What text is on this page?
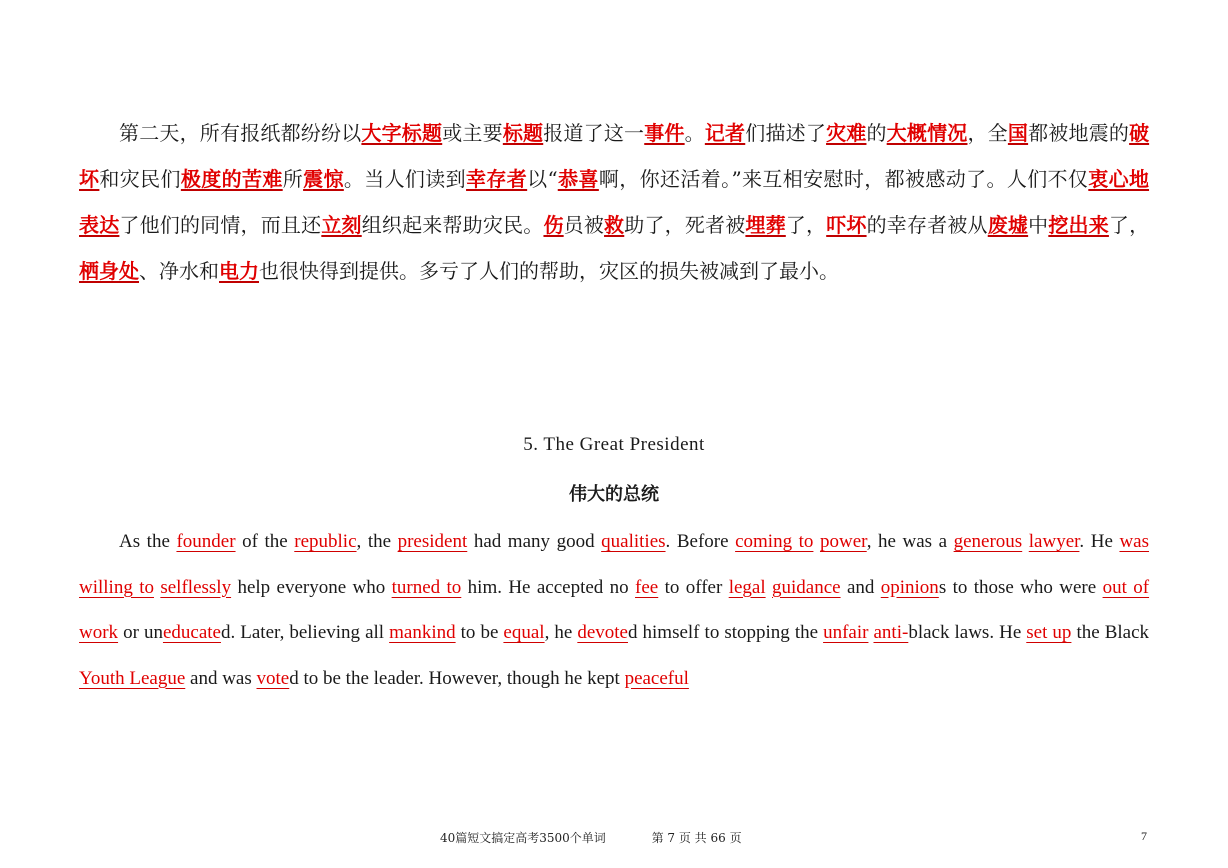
第二天，所有报纸都纷纷以大字标题或主要标题报道了这一事件。记者们描述了灾难的大概情况，全国都被地震的破坏和灾民们极度的苦难所震惊。当人们读到幸存者以“恭喜啊，你还活着。”来互相安慰时，都被感动了。人们不仅衷心地表达了他们的同情，而且还立刻组织起来帮助灾民。伤员被救助了，死者被埋葬了，吓坏的幸存者被从废墟中挖出来了，栖身处、净水和电力也很快得到提供。多亏了人们的帮助，灾区的损失被减到了最小。

5. The Great President
伟大的总统

As the founder of the republic, the president had many good qualities. Before coming to power, he was a generous lawyer. He was willing to selflessly help everyone who turned to him. He accepted no fee to offer legal guidance and opinions to those who were out of work or uneducated. Later, believing all mankind to be equal, he devoted himself to stopping the unfair anti-black laws. He set up the Black Youth League and was voted to be the leader. However, though he kept peaceful

40篇短文搞定高考3500个单词	第 7 页 共 66 页	7
